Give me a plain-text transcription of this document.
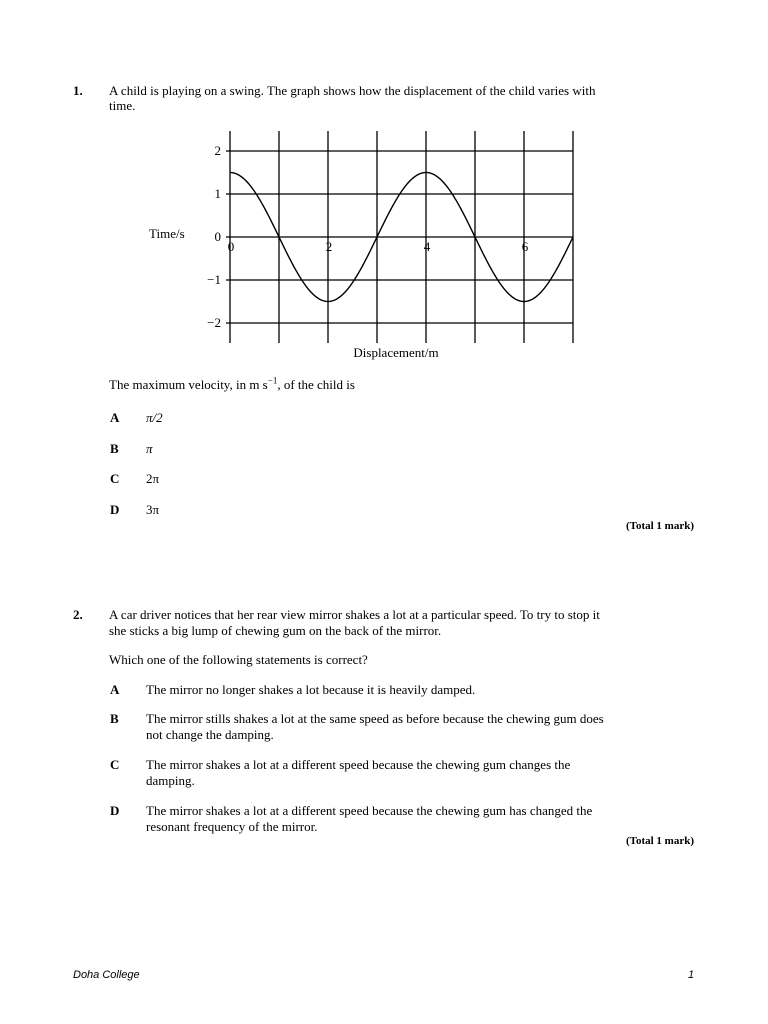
1. A child is playing on a swing. The graph shows how the displacement of the child varies with
time.
0	2	4	6
2
1
0
−1
−2
Time/s
Displacement/m
The maximum velocity, in m $s^{-1}$, of the child is
A π/2
B π
C 2π
D 3π
(Total 1 mark)
2. A car driver notices that her rear view mirror shakes a lot at a particular speed. To try to stop it
she sticks a big lump of chewing gum on the back of the mirror.
Which one of the following statements is correct?
A The mirror no longer shakes a lot because it is heavily damped.
B The mirror stills shakes a lot at the same speed as before because the chewing gum does
not change the damping.
C The mirror shakes a lot at a different speed because the chewing gum changes the
damping.
D The mirror shakes a lot at a different speed because the chewing gum has changed the
resonant frequency of the mirror.
(Total 1 mark)
Doha College	1
